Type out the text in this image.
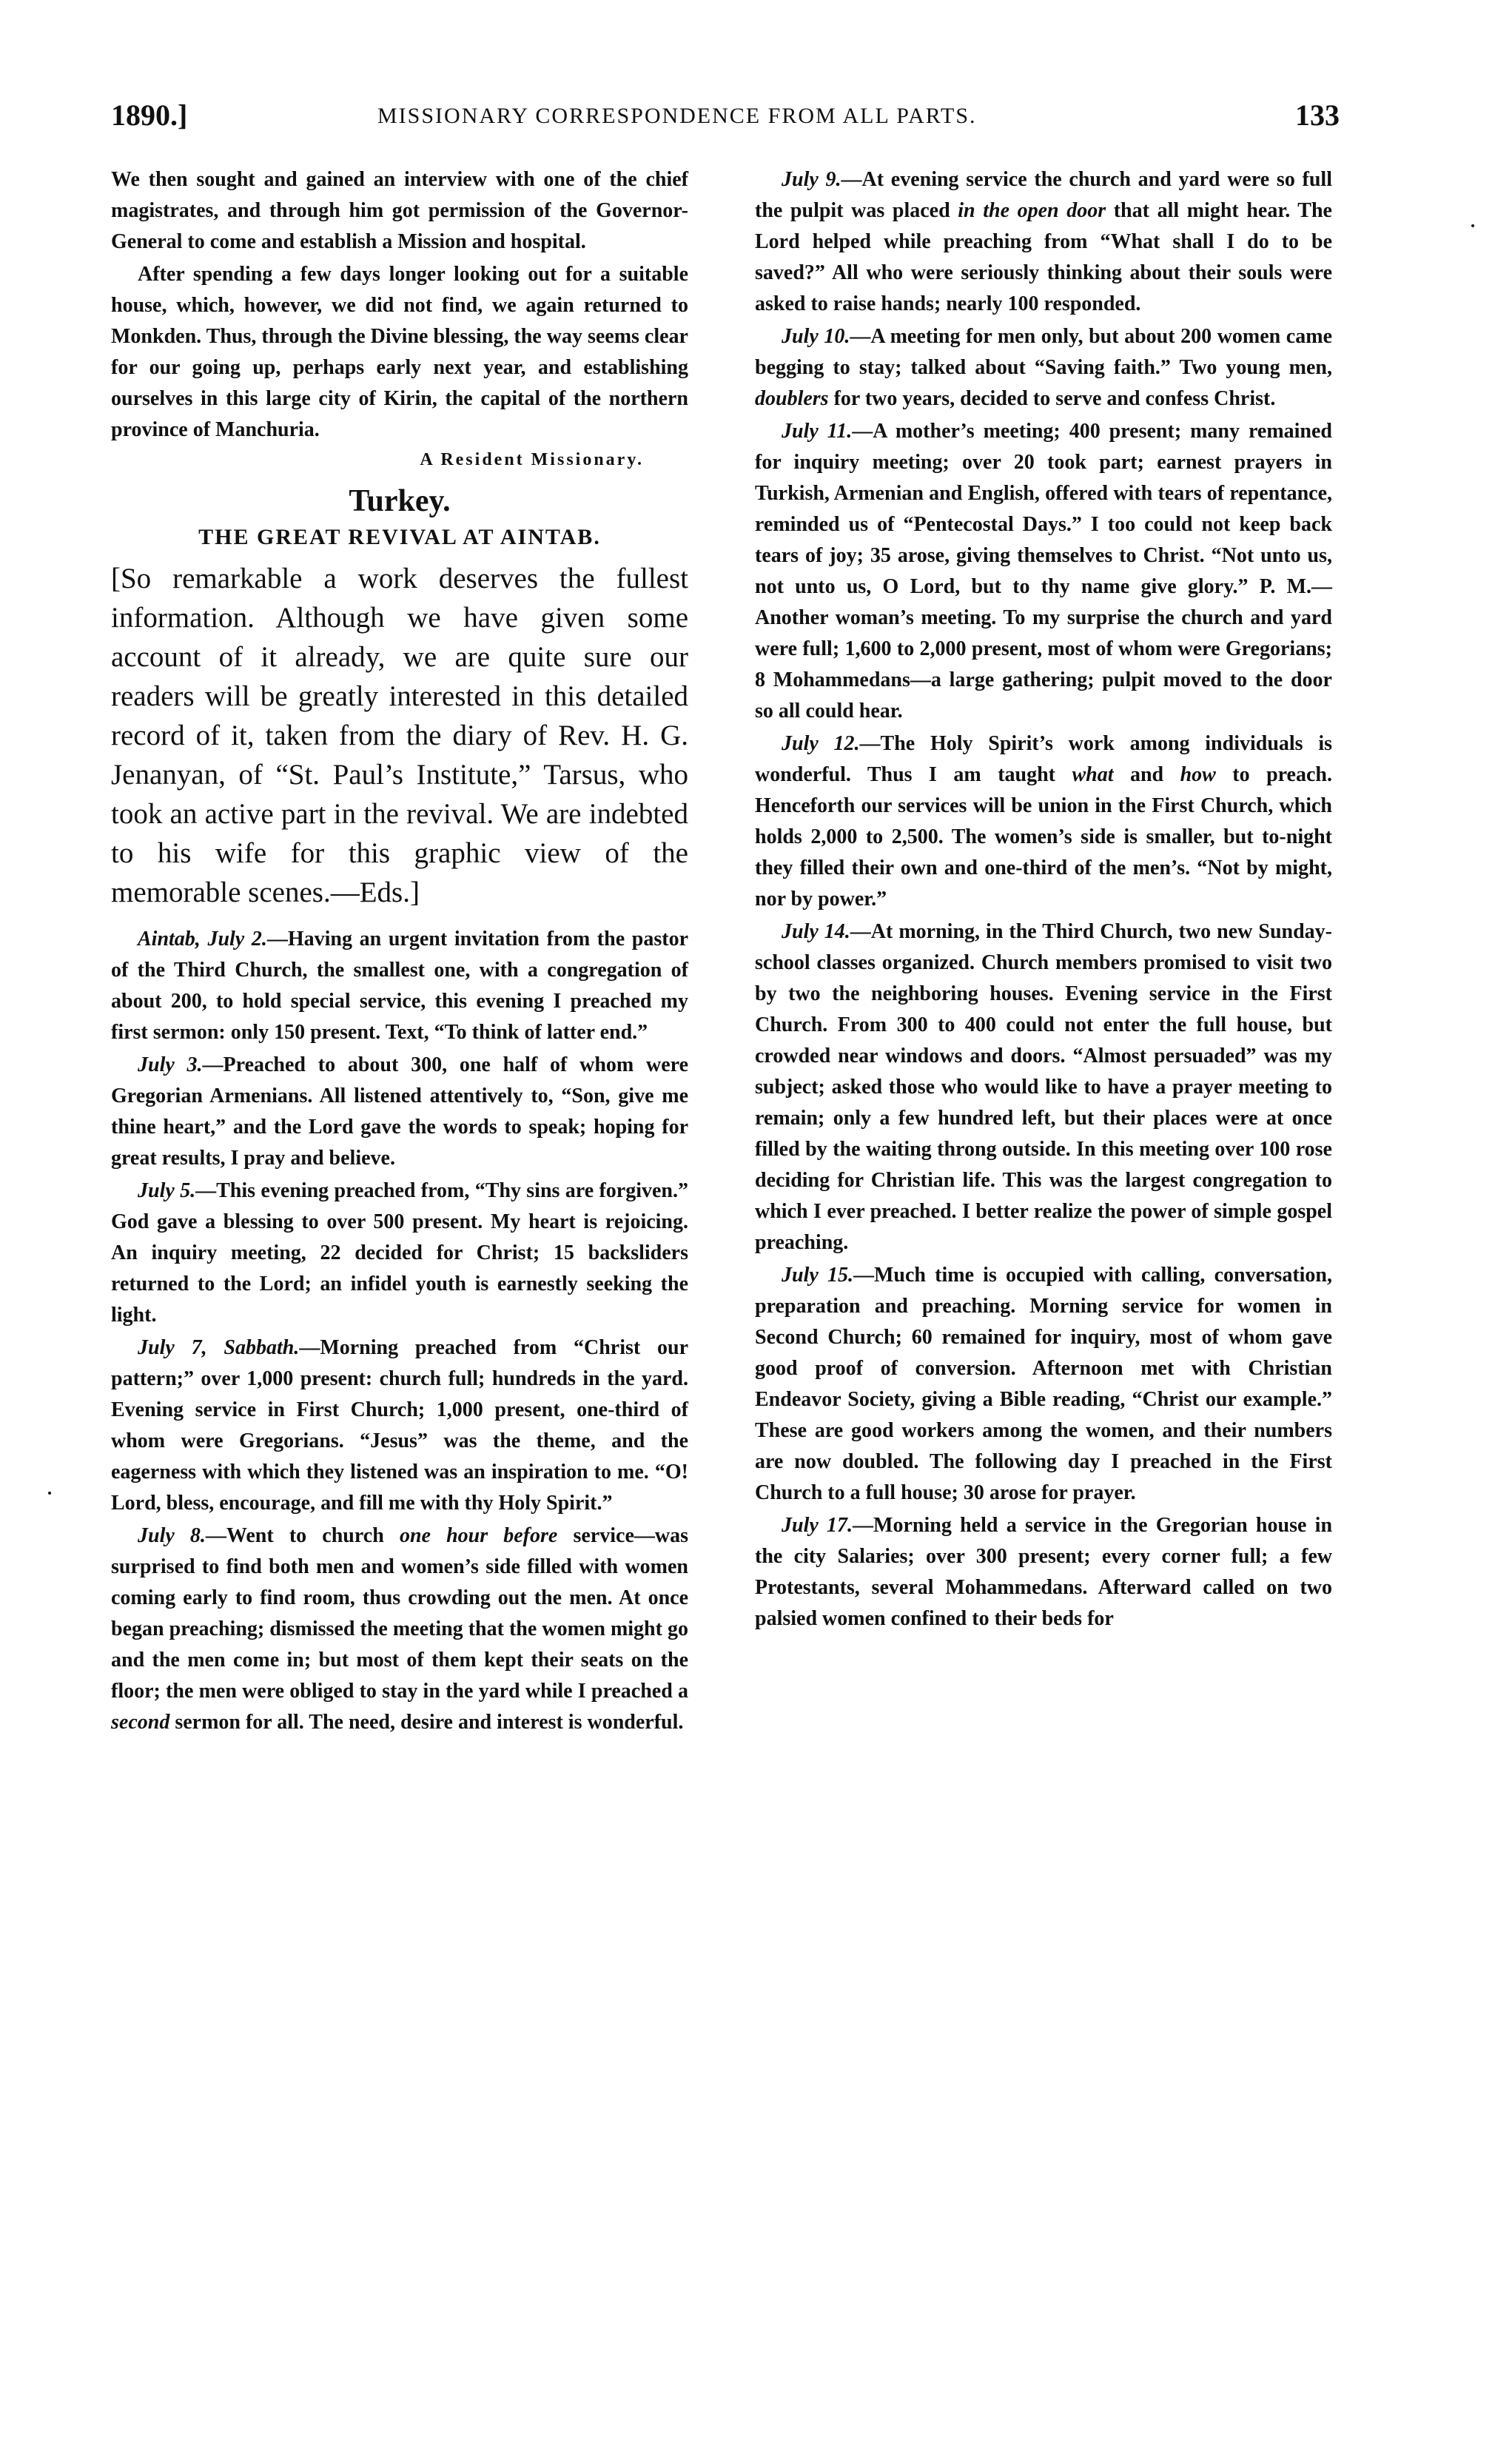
1890.]	MISSIONARY CORRESPONDENCE FROM ALL PARTS.	133
·
·

We then sought and gained an interview with one of the chief magistrates, and through him got permission of the Governor-General to come and establish a Mission and hospital.

After spending a few days longer looking out for a suitable house, which, however, we did not find, we again returned to Monkden. Thus, through the Divine blessing, the way seems clear for our going up, perhaps early next year, and establishing ourselves in this large city of Kirin, the capital of the northern province of Manchuria.

A Resident Missionary.
Turkey.
THE GREAT REVIVAL AT AINTAB.

[So remarkable a work deserves the fullest information. Although we have given some account of it already, we are quite sure our readers will be greatly interested in this detailed record of it, taken from the diary of Rev. H. G. Jenanyan, of “St. Paul’s Institute,” Tarsus, who took an active part in the revival. We are indebted to his wife for this graphic view of the memorable scenes.—Eds.]

Aintab, July 2.—Having an urgent invitation from the pastor of the Third Church, the smallest one, with a congregation of about 200, to hold special service, this evening I preached my first sermon: only 150 present. Text, “To think of latter end.”

July 3.—Preached to about 300, one half of whom were Gregorian Armenians. All listened attentively to, “Son, give me thine heart,” and the Lord gave the words to speak; hoping for great results, I pray and believe.

July 5.—This evening preached from, “Thy sins are forgiven.” God gave a blessing to over 500 present. My heart is rejoicing. An inquiry meeting, 22 decided for Christ; 15 backsliders returned to the Lord; an infidel youth is earnestly seeking the light.

July 7, Sabbath.—Morning preached from “Christ our pattern;” over 1,000 present: church full; hundreds in the yard. Evening service in First Church; 1,000 present, one-third of whom were Gregorians. “Jesus” was the theme, and the eagerness with which they listened was an inspiration to me. “O! Lord, bless, encourage, and fill me with thy Holy Spirit.”

July 8.—Went to church one hour before service—was surprised to find both men and women’s side filled with women coming early to find room, thus crowding out the men. At once began preaching; dismissed the meeting that the women might go and the men come in; but most of them kept their seats on the floor; the men were obliged to stay in the yard while I preached a second sermon for all. The need, desire and interest is wonderful.

July 9.—At evening service the church and yard were so full the pulpit was placed in the open door that all might hear. The Lord helped while preaching from “What shall I do to be saved?” All who were seriously thinking about their souls were asked to raise hands; nearly 100 responded.

July 10.—A meeting for men only, but about 200 women came begging to stay; talked about “Saving faith.” Two young men, doublers for two years, decided to serve and confess Christ.

July 11.—A mother’s meeting; 400 present; many remained for inquiry meeting; over 20 took part; earnest prayers in Turkish, Armenian and English, offered with tears of repentance, reminded us of “Pentecostal Days.” I too could not keep back tears of joy; 35 arose, giving themselves to Christ. “Not unto us, not unto us, O Lord, but to thy name give glory.” P. M.—Another woman’s meeting. To my surprise the church and yard were full; 1,600 to 2,000 present, most of whom were Gregorians; 8 Mohammedans—a large gathering; pulpit moved to the door so all could hear.

July 12.—The Holy Spirit’s work among individuals is wonderful. Thus I am taught what and how to preach. Henceforth our services will be union in the First Church, which holds 2,000 to 2,500. The women’s side is smaller, but to-night they filled their own and one-third of the men’s. “Not by might, nor by power.”

July 14.—At morning, in the Third Church, two new Sunday-school classes organized. Church members promised to visit two by two the neighboring houses. Evening service in the First Church. From 300 to 400 could not enter the full house, but crowded near windows and doors. “Almost persuaded” was my subject; asked those who would like to have a prayer meeting to remain; only a few hundred left, but their places were at once filled by the waiting throng outside. In this meeting over 100 rose deciding for Christian life. This was the largest congregation to which I ever preached. I better realize the power of simple gospel preaching.

July 15.—Much time is occupied with calling, conversation, preparation and preaching. Morning service for women in Second Church; 60 remained for inquiry, most of whom gave good proof of conversion. Afternoon met with Christian Endeavor Society, giving a Bible reading, “Christ our example.” These are good workers among the women, and their numbers are now doubled. The following day I preached in the First Church to a full house; 30 arose for prayer.

July 17.—Morning held a service in the Gregorian house in the city Salaries; over 300 present; every corner full; a few Protestants, several Mohammedans. Afterward called on two palsied women confined to their beds for
